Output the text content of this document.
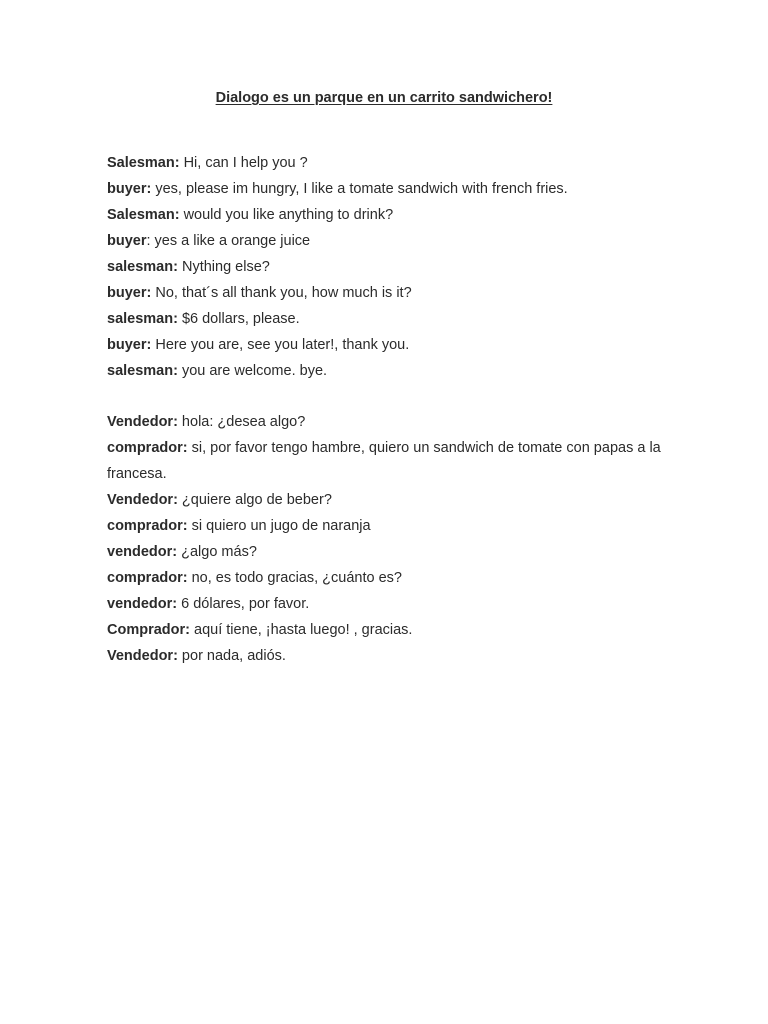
Dialogo es un parque en un carrito sandwichero!

Salesman: Hi, can I help you ?

buyer: yes, please im hungry, I like a tomate sandwich with french fries.

Salesman: would you like anything to drink?

buyer: yes a like a orange juice

salesman: Nything else?

buyer: No, that´s all thank you, how much is it?

salesman: $6 dollars, please.

buyer: Here you are, see you later!, thank you.

salesman: you are welcome. bye.

Vendedor: hola: ¿desea algo?

comprador: si, por favor tengo hambre, quiero un sandwich de tomate con papas a la francesa.

Vendedor: ¿quiere algo de beber?

comprador: si quiero un jugo de naranja

vendedor: ¿algo más?

comprador: no, es todo gracias, ¿cuánto es?

vendedor: 6 dólares, por favor.

Comprador: aquí tiene, ¡hasta luego! , gracias.

Vendedor: por nada, adiós.
